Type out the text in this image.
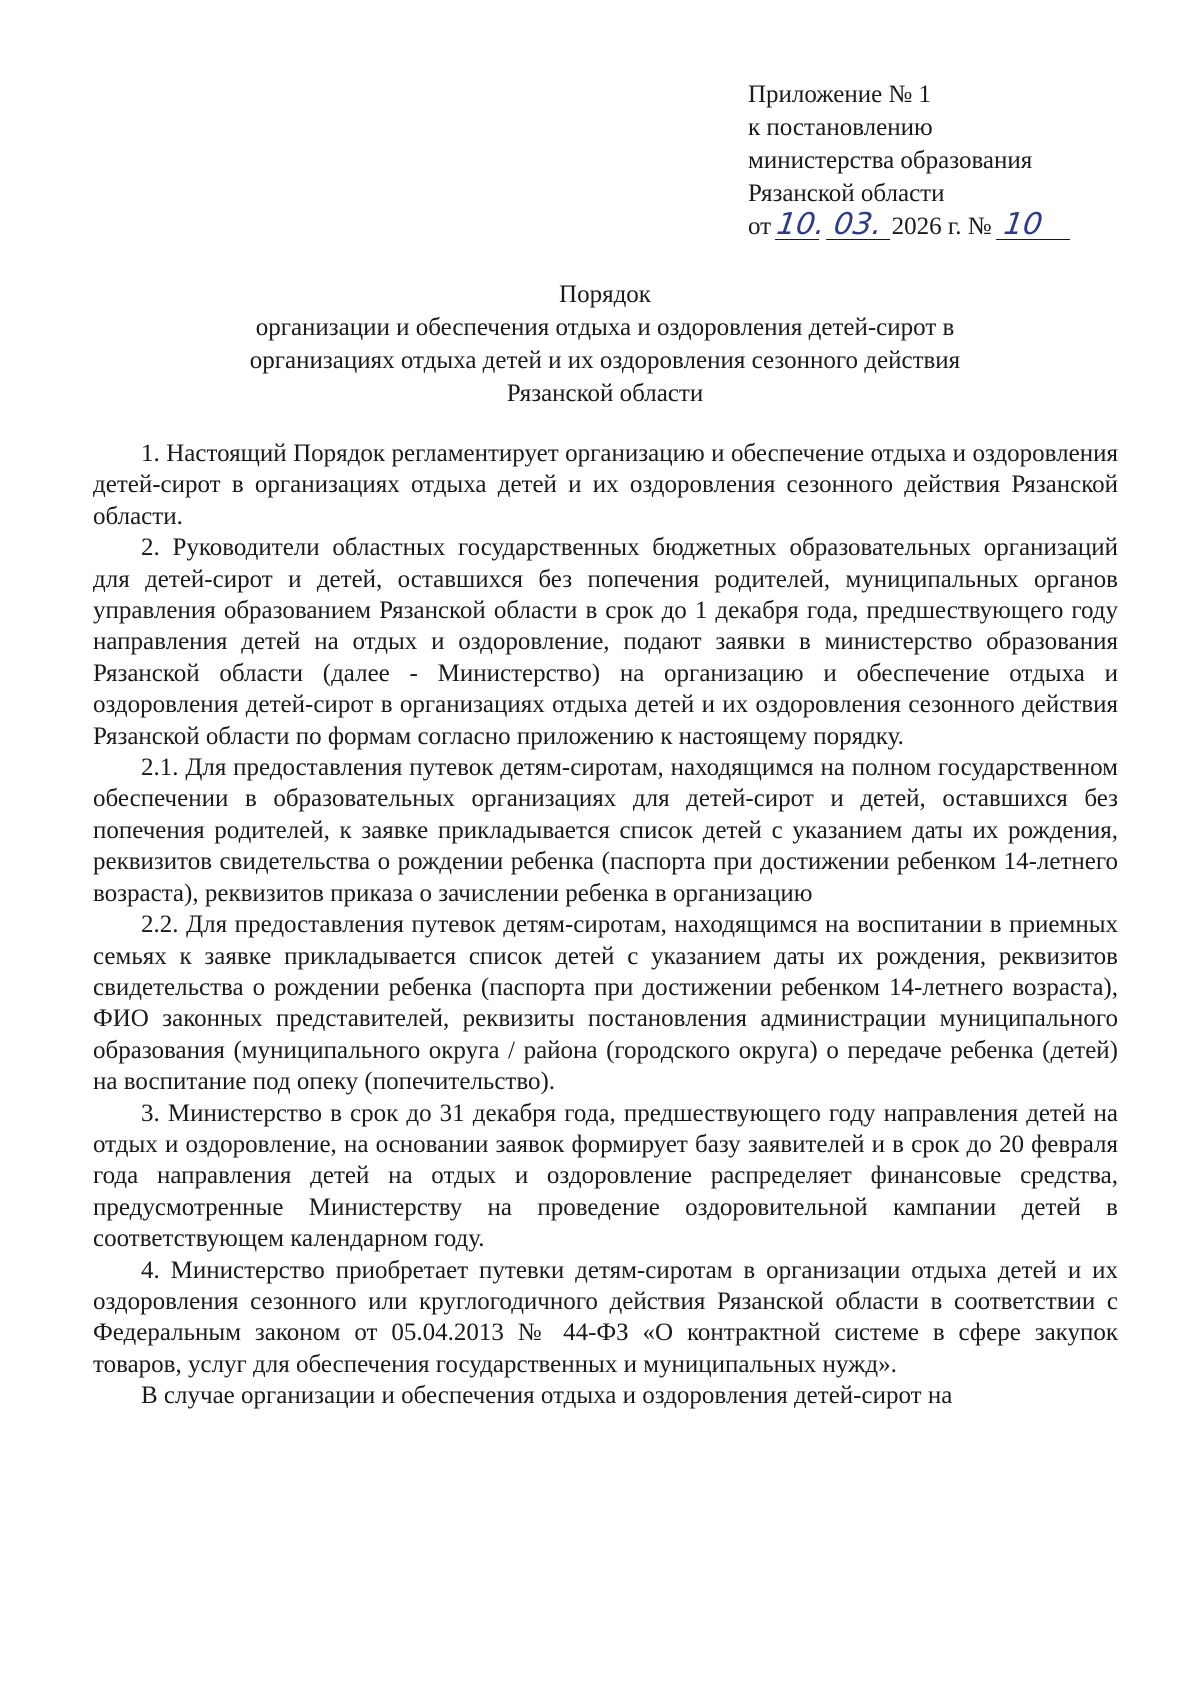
Приложение № 1
к постановлению
министерства образования
Рязанской области
от 10. 03. 2026 г. № 10
Порядок
организации и обеспечения отдыха и оздоровления детей-сирот в
организациях отдыха детей и их оздоровления сезонного действия
Рязанской области

1. Настоящий Порядок регламентирует организацию и обеспечение отдыха и оздоровления детей-сирот в организациях отдыха детей и их оздоровления сезонного действия Рязанской области.

2. Руководители областных государственных бюджетных образовательных организаций для детей-сирот и детей, оставшихся без попечения родителей, муниципальных органов управления образованием Рязанской области в срок до 1 декабря года, предшествующего году направления детей на отдых и оздоровление, подают заявки в министерство образования Рязанской области (далее - Министерство) на организацию и обеспечение отдыха и оздоровления детей-сирот в организациях отдыха детей и их оздоровления сезонного действия Рязанской области по формам согласно приложению к настоящему порядку.

2.1. Для предоставления путевок детям-сиротам, находящимся на полном государственном обеспечении в образовательных организациях для детей-сирот и детей, оставшихся без попечения родителей, к заявке прикладывается список детей с указанием даты их рождения, реквизитов свидетельства о рождении ребенка (паспорта при достижении ребенком 14-летнего возраста), реквизитов приказа о зачислении ребенка в организацию

2.2. Для предоставления путевок детям-сиротам, находящимся на воспитании в приемных семьях к заявке прикладывается список детей с указанием даты их рождения, реквизитов свидетельства о рождении ребенка (паспорта при достижении ребенком 14-летнего возраста), ФИО законных представителей, реквизиты постановления администрации муниципального образования (муниципального округа / района (городского округа) о передаче ребенка (детей) на воспитание под опеку (попечительство).

3. Министерство в срок до 31 декабря года, предшествующего году направления детей на отдых и оздоровление, на основании заявок формирует базу заявителей и в срок до 20 февраля года направления детей на отдых и оздоровление распределяет финансовые средства, предусмотренные Министерству на проведение оздоровительной кампании детей в соответствующем календарном году.

4. Министерство приобретает путевки детям-сиротам в организации отдыха детей и их оздоровления сезонного или круглогодичного действия Рязанской области в соответствии с Федеральным законом от 05.04.2013 № 44-ФЗ «О контрактной системе в сфере закупок товаров, услуг для обеспечения государственных и муниципальных нужд».

В случае организации и обеспечения отдыха и оздоровления детей-сирот на
